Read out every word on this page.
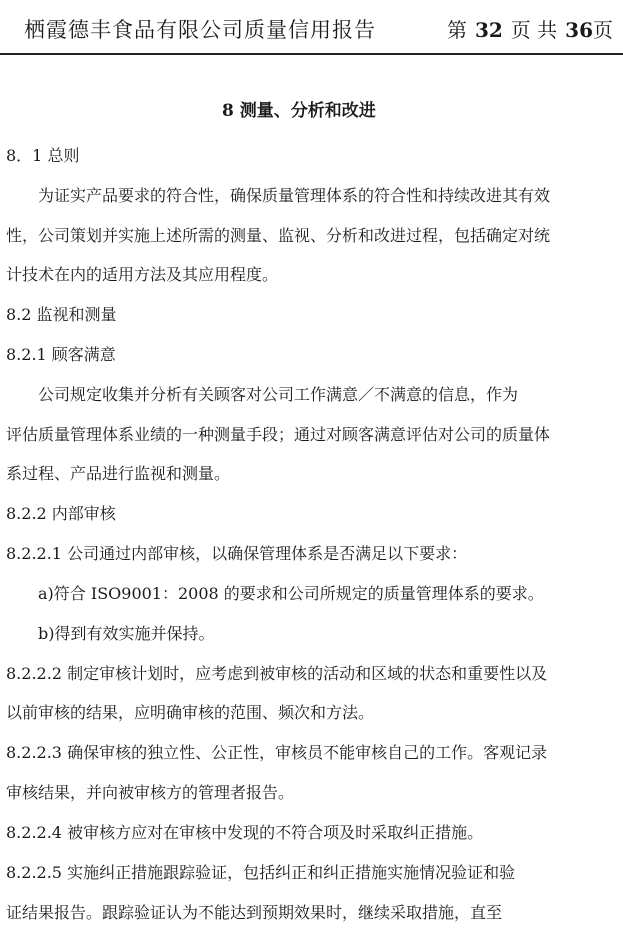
栖霞德丰食品有限公司质量信用报告	第 32 页 共 36页
8 测量、分析和改进
8．1 总则
为证实产品要求的符合性，确保质量管理体系的符合性和持续改进其有效
性，公司策划并实施上述所需的测量、监视、分析和改进过程，包括确定对统
计技术在内的适用方法及其应用程度。
8.2 监视和测量
8.2.1 顾客满意
公司规定收集并分析有关顾客对公司工作满意／不满意的信息，作为
评估质量管理体系业绩的一种测量手段；通过对顾客满意评估对公司的质量体
系过程、产品进行监视和测量。
8.2.2 内部审核
8.2.2.1 公司通过内部审核，以确保管理体系是否满足以下要求：
a)符合 ISO9001：2008 的要求和公司所规定的质量管理体系的要求。
b)得到有效实施并保持。
8.2.2.2 制定审核计划时，应考虑到被审核的活动和区域的状态和重要性以及
以前审核的结果，应明确审核的范围、频次和方法。
8.2.2.3 确保审核的独立性、公正性，审核员不能审核自己的工作。客观记录
审核结果，并向被审核方的管理者报告。
8.2.2.4 被审核方应对在审核中发现的不符合项及时采取纠正措施。
8.2.2.5 实施纠正措施跟踪验证，包括纠正和纠正措施实施情况验证和验
证结果报告。跟踪验证认为不能达到预期效果时，继续采取措施，直至
